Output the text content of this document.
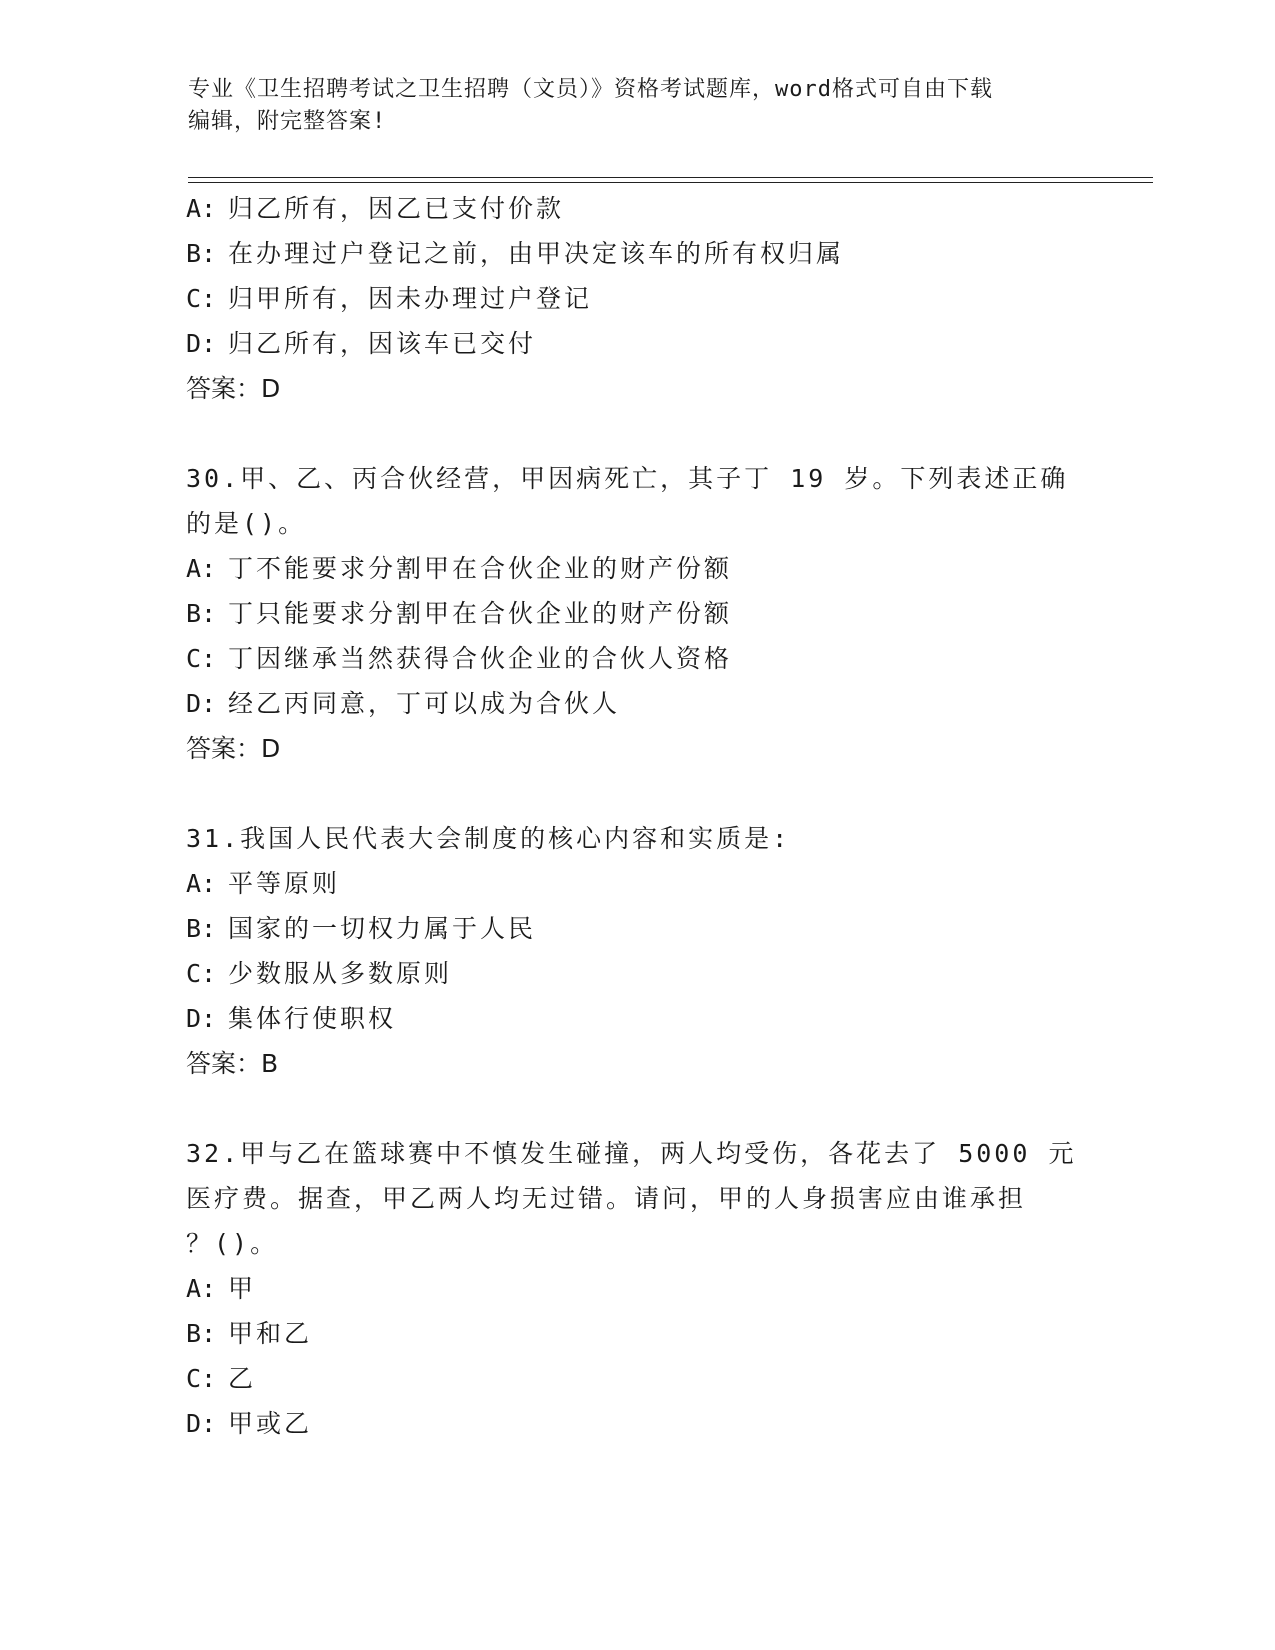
专业《卫生招聘考试之卫生招聘（文员）》资格考试题库，word格式可自由下载
编辑，附完整答案!
A: 归乙所有，因乙已支付价款
B: 在办理过户登记之前，由甲决定该车的所有权归属
C: 归甲所有，因未办理过户登记
D: 归乙所有，因该车已交付
答案：D
30.甲、乙、丙合伙经营，甲因病死亡，其子丁 19 岁。下列表述正确
的是()。
A: 丁不能要求分割甲在合伙企业的财产份额
B: 丁只能要求分割甲在合伙企业的财产份额
C: 丁因继承当然获得合伙企业的合伙人资格
D: 经乙丙同意，丁可以成为合伙人
答案：D
31.我国人民代表大会制度的核心内容和实质是:
A: 平等原则
B: 国家的一切权力属于人民
C: 少数服从多数原则
D: 集体行使职权
答案：B
32.甲与乙在篮球赛中不慎发生碰撞，两人均受伤，各花去了 5000 元
医疗费。据查，甲乙两人均无过错。请问，甲的人身损害应由谁承担
？()。
A: 甲
B: 甲和乙
C: 乙
D: 甲或乙
